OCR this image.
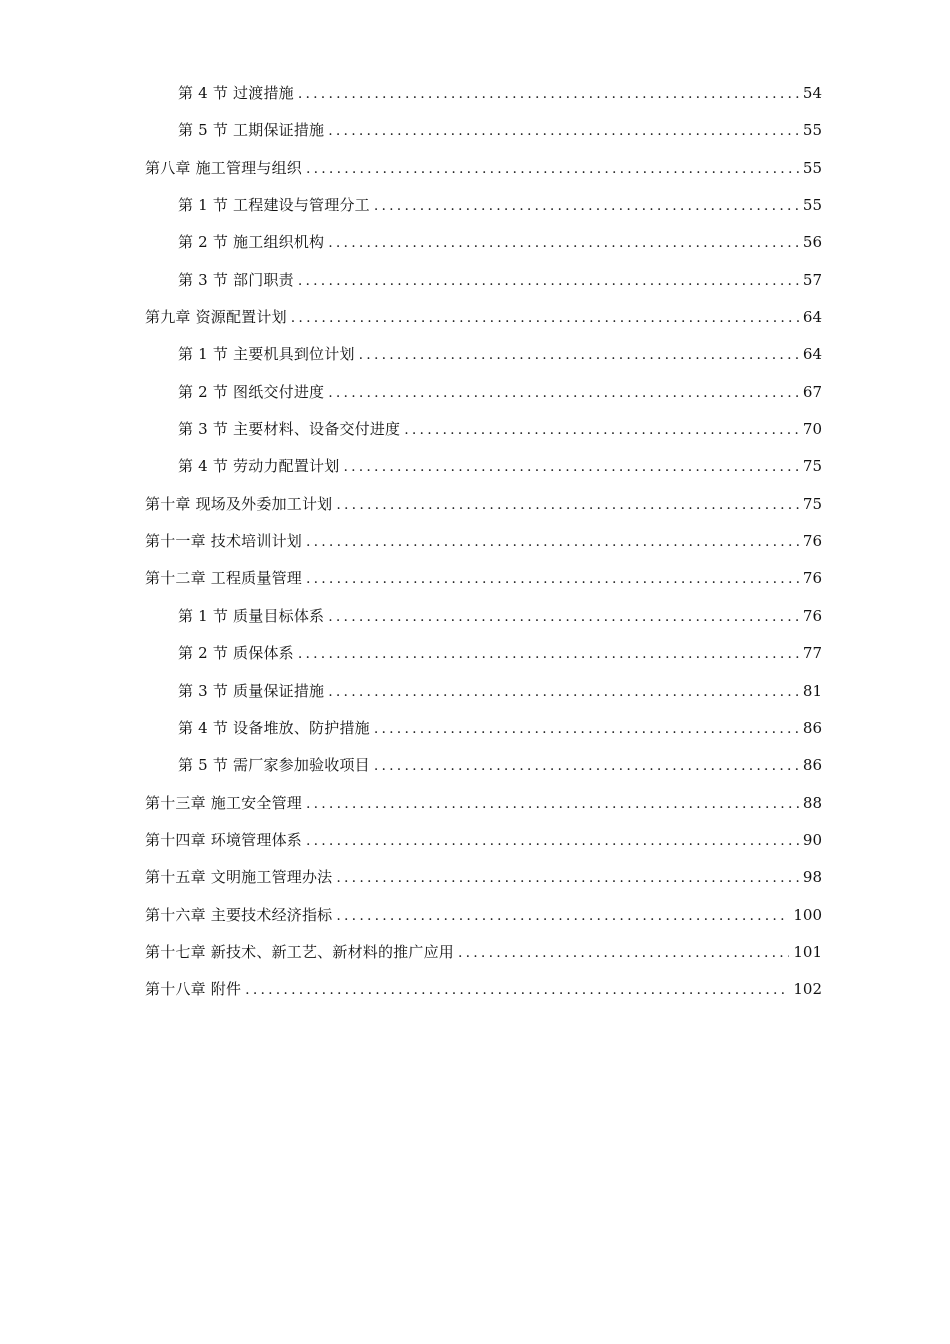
第 4 节 过渡措施 .....	54
第 5 节 工期保证措施 .....	55
第八章 施工管理与组织 .....	55
第 1 节 工程建设与管理分工 .....	55
第 2 节 施工组织机构 .....	56
第 3 节 部门职责 .....	57
第九章 资源配置计划 .....	64
第 1 节 主要机具到位计划 .....	64
第 2 节 图纸交付进度 .....	67
第 3 节 主要材料、设备交付进度 .....	70
第 4 节 劳动力配置计划 .....	75
第十章 现场及外委加工计划 .....	75
第十一章 技术培训计划 .....	76
第十二章 工程质量管理 .....	76
第 1 节 质量目标体系 .....	76
第 2 节 质保体系 .....	77
第 3 节 质量保证措施 .....	81
第 4 节 设备堆放、防护措施 .....	86
第 5 节 需厂家参加验收项目 .....	86
第十三章 施工安全管理 .....	88
第十四章 环境管理体系 .....	90
第十五章 文明施工管理办法 .....	98
第十六章 主要技术经济指标 .....	100
第十七章 新技术、新工艺、新材料的推广应用 .....	101
第十八章 附件 .....	102
